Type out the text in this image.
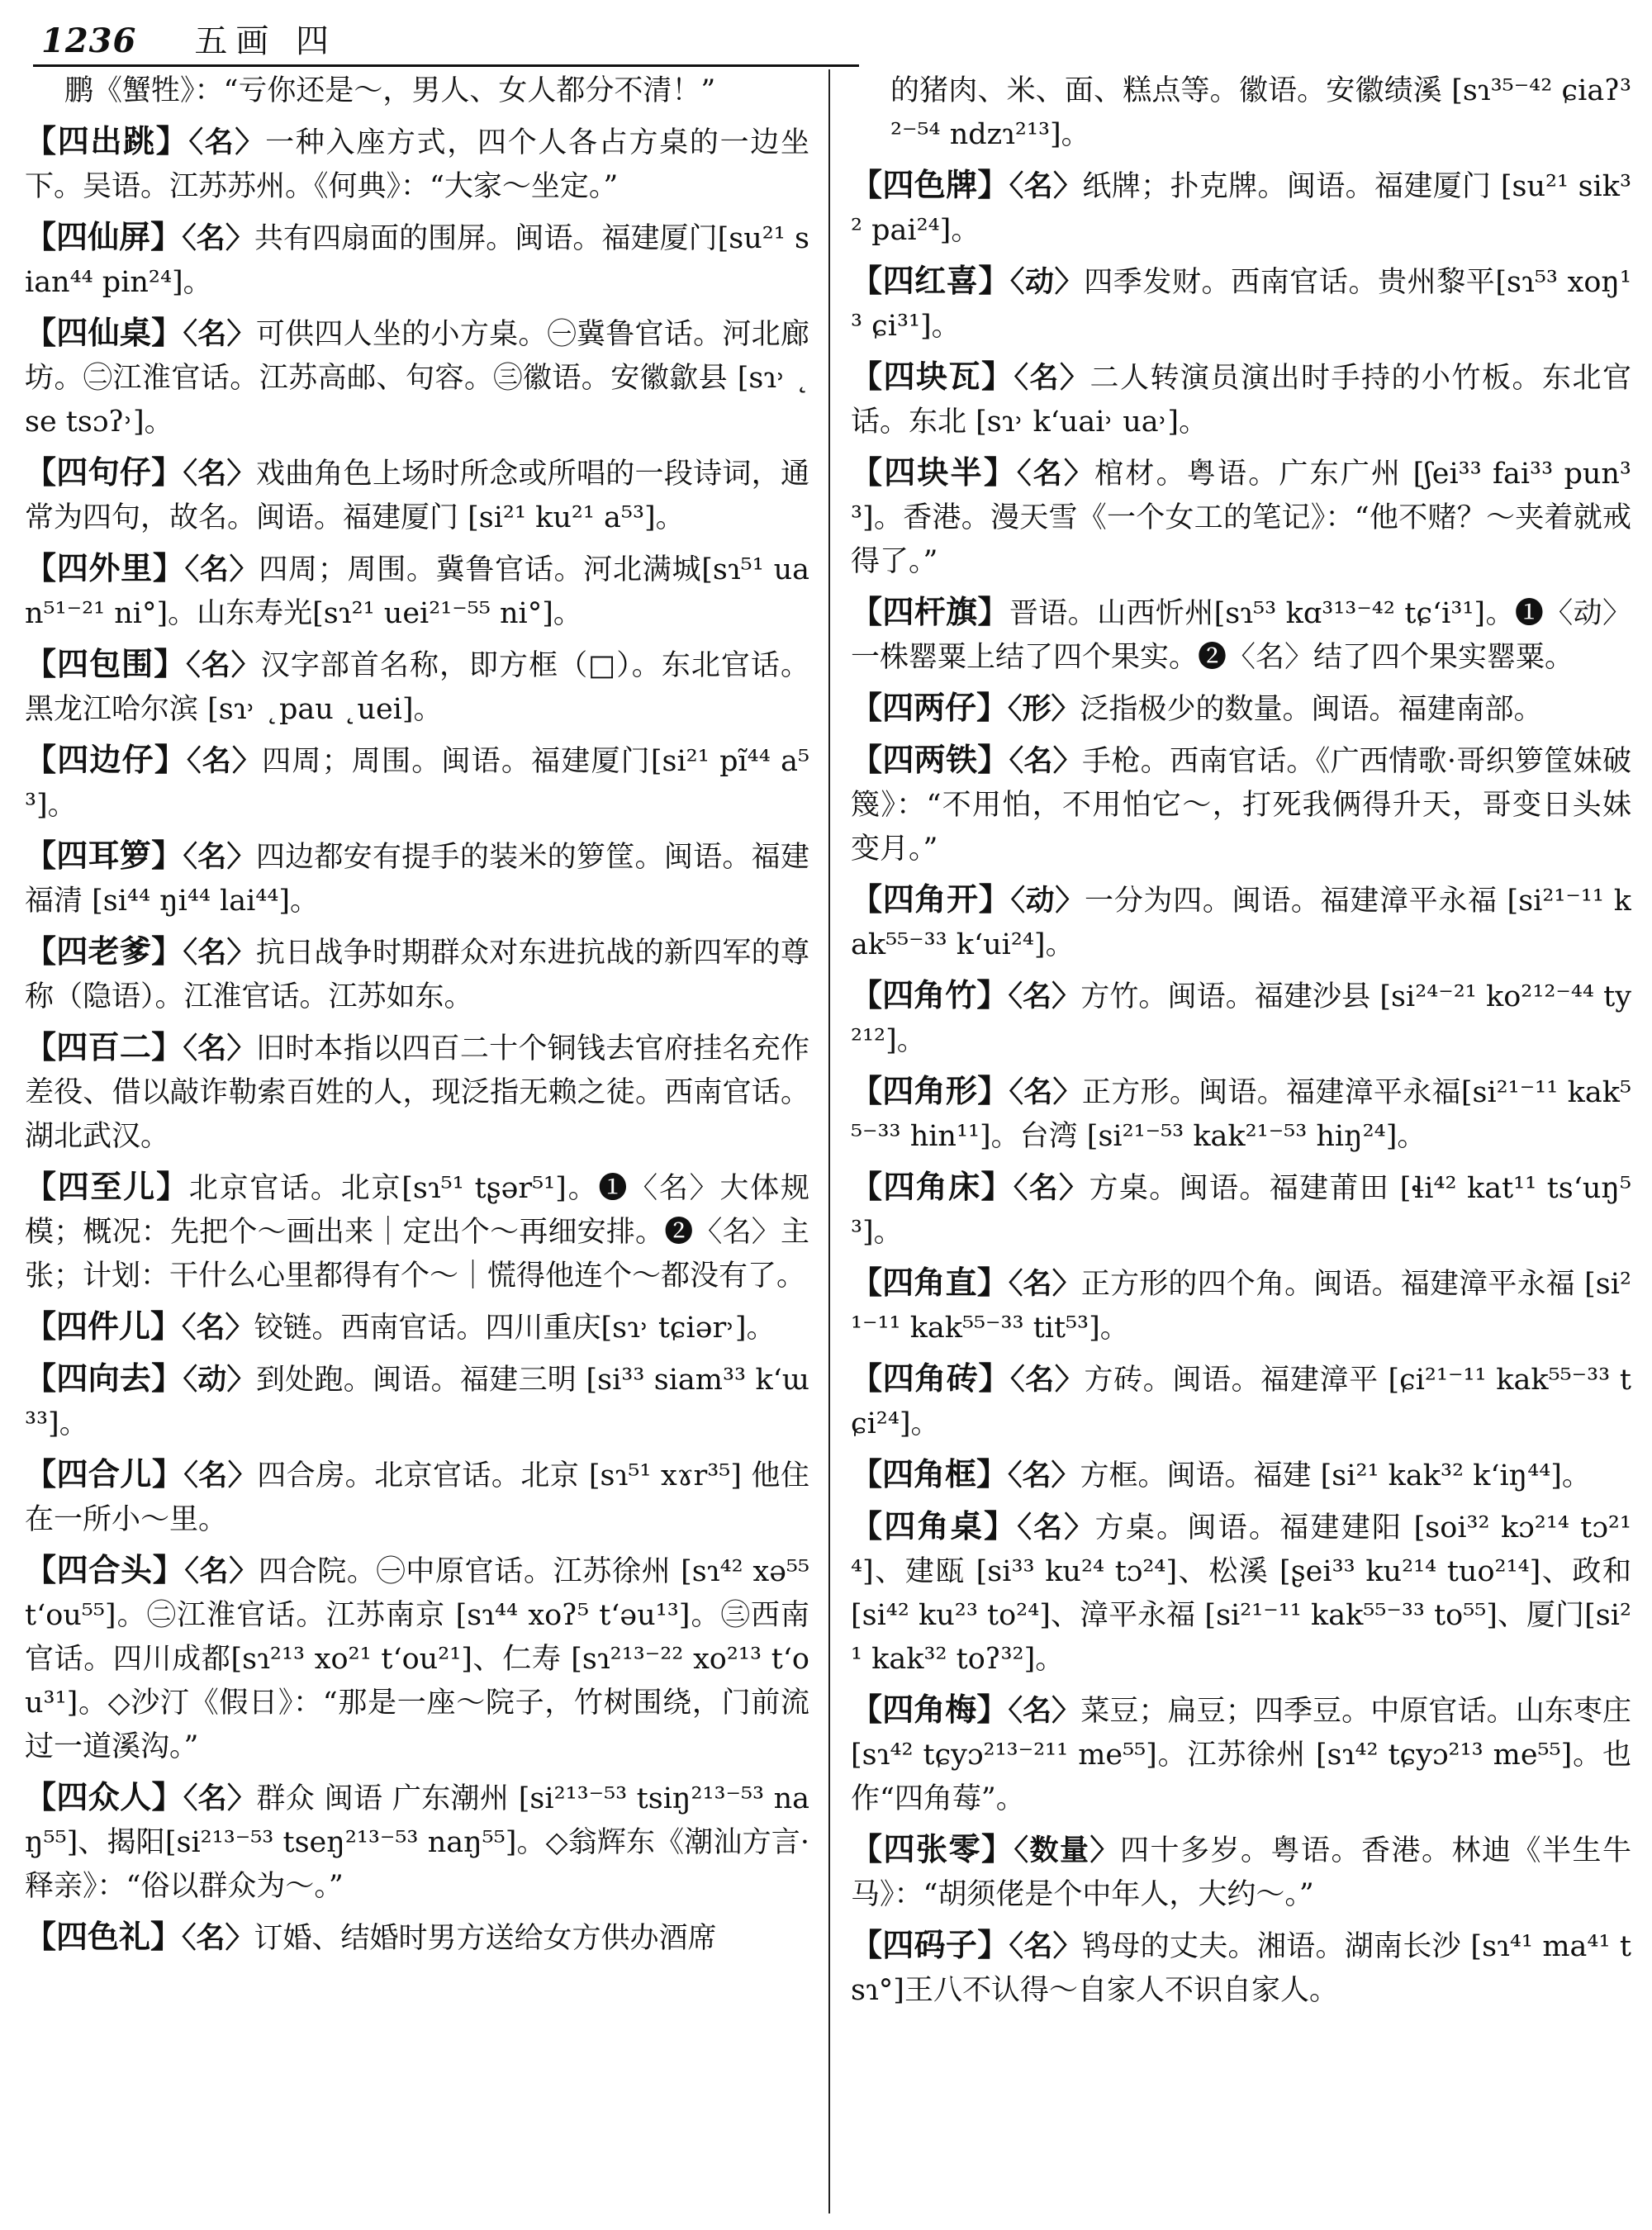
1236 五画 四

鹏《蟹牲》：“亏你还是～，男人、女人都分不清！”

【四出跳】〈名〉一种入座方式，四个人各占方桌的一边坐下。吴语。江苏苏州。《何典》：“大家～坐定。”

【四仙屏】〈名〉共有四扇面的围屏。闽语。福建厦门[su²¹ sian⁴⁴ pin²⁴]。

【四仙桌】〈名〉可供四人坐的小方桌。㊀冀鲁官话。河北廊坊。㊁江淮官话。江苏高邮、句容。㊂徽语。安徽歙县 [sɿ˒ ˛se tsɔʔ˒]。

【四句仔】〈名〉戏曲角色上场时所念或所唱的一段诗词，通常为四句，故名。闽语。福建厦门 [si²¹ ku²¹ a⁵³]。

【四外里】〈名〉四周；周围。冀鲁官话。河北满城[sɿ⁵¹ uan⁵¹⁻²¹ ni°]。山东寿光[sɿ²¹ uei²¹⁻⁵⁵ ni°]。

【四包围】〈名〉汉字部首名称，即方框（□）。东北官话。黑龙江哈尔滨 [sɿ˒ ˛pau ˛uei]。

【四边仔】〈名〉四周；周围。闽语。福建厦门[si²¹ pĩ⁴⁴ a⁵³]。

【四耳箩】〈名〉四边都安有提手的装米的箩筐。闽语。福建福清 [si⁴⁴ ŋi⁴⁴ lai⁴⁴]。

【四老爹】〈名〉抗日战争时期群众对东进抗战的新四军的尊称（隐语）。江淮官话。江苏如东。

【四百二】〈名〉旧时本指以四百二十个铜钱去官府挂名充作差役、借以敲诈勒索百姓的人，现泛指无赖之徒。西南官话。湖北武汉。

【四至儿】北京官话。北京[sɿ⁵¹ tʂər⁵¹]。❶〈名〉大体规模；概况：先把个～画出来｜定出个～再细安排。❷〈名〉主张；计划：干什么心里都得有个～｜慌得他连个～都没有了。

【四件儿】〈名〉铰链。西南官话。四川重庆[sɿ˒ tɕiər˒]。

【四向去】〈动〉到处跑。闽语。福建三明 [si³³ siam³³ kʻɯ³³]。

【四合儿】〈名〉四合房。北京官话。北京 [sɿ⁵¹ xɤr³⁵] 他住在一所小～里。

【四合头】〈名〉四合院。㊀中原官话。江苏徐州 [sɿ⁴² xə⁵⁵ tʻou⁵⁵]。㊁江淮官话。江苏南京 [sɿ⁴⁴ xoʔ⁵ tʻəu¹³]。㊂西南官话。四川成都[sɿ²¹³ xo²¹ tʻou²¹]、仁寿 [sɿ²¹³⁻²² xo²¹³ tʻou³¹]。◇沙汀《假日》：“那是一座～院子，竹树围绕，门前流过一道溪沟。”

【四众人】〈名〉群众 闽语 广东潮州 [si²¹³⁻⁵³ tsiŋ²¹³⁻⁵³ naŋ⁵⁵]、揭阳[si²¹³⁻⁵³ tseŋ²¹³⁻⁵³ naŋ⁵⁵]。◇翁辉东《潮汕方言·释亲》：“俗以群众为～。”

【四色礼】〈名〉订婚、结婚时男方送给女方供办酒席

的猪肉、米、面、糕点等。徽语。安徽绩溪 [sɿ³⁵⁻⁴² ɕiaʔ³²⁻⁵⁴ ndzɿ²¹³]。

【四色牌】〈名〉纸牌；扑克牌。闽语。福建厦门 [su²¹ sik³² pai²⁴]。

【四红喜】〈动〉四季发财。西南官话。贵州黎平[sɿ⁵³ xoŋ¹³ ɕi³¹]。

【四块瓦】〈名〉二人转演员演出时手持的小竹板。东北官话。东北 [sɿ˒ kʻuai˒ ua˒]。

【四块半】〈名〉棺材。粤语。广东广州 [ʃei³³ fai³³ pun³³]。香港。漫天雪《一个女工的笔记》：“他不赌？～夹着就戒得了。”

【四杆旗】晋语。山西忻州[sɿ⁵³ kɑ³¹³⁻⁴² tɕʻi³¹]。❶〈动〉一株罂粟上结了四个果实。❷〈名〉结了四个果实罂粟。

【四两仔】〈形〉泛指极少的数量。闽语。福建南部。

【四两铁】〈名〉手枪。西南官话。《广西情歌·哥织箩筐妹破篾》：“不用怕，不用怕它～，打死我俩得升天，哥变日头妹变月。”

【四角开】〈动〉一分为四。闽语。福建漳平永福 [si²¹⁻¹¹ kak⁵⁵⁻³³ kʻui²⁴]。

【四角竹】〈名〉方竹。闽语。福建沙县 [si²⁴⁻²¹ ko²¹²⁻⁴⁴ ty²¹²]。

【四角形】〈名〉正方形。闽语。福建漳平永福[si²¹⁻¹¹ kak⁵⁵⁻³³ hin¹¹]。台湾 [si²¹⁻⁵³ kak²¹⁻⁵³ hiŋ²⁴]。

【四角床】〈名〉方桌。闽语。福建莆田 [ɬi⁴² kat¹¹ tsʻuŋ⁵³]。

【四角直】〈名〉正方形的四个角。闽语。福建漳平永福 [si²¹⁻¹¹ kak⁵⁵⁻³³ tit⁵³]。

【四角砖】〈名〉方砖。闽语。福建漳平 [ɕi²¹⁻¹¹ kak⁵⁵⁻³³ tɕi²⁴]。

【四角框】〈名〉方框。闽语。福建 [si²¹ kak³² kʻiŋ⁴⁴]。

【四角桌】〈名〉方桌。闽语。福建建阳 [soi³² kɔ²¹⁴ tɔ²¹⁴]、建瓯 [si³³ ku²⁴ tɔ²⁴]、松溪 [ʂei³³ ku²¹⁴ tuo²¹⁴]、政和 [si⁴² ku²³ to²⁴]、漳平永福 [si²¹⁻¹¹ kak⁵⁵⁻³³ to⁵⁵]、厦门[si²¹ kak³² toʔ³²]。

【四角梅】〈名〉菜豆；扁豆；四季豆。中原官话。山东枣庄 [sɿ⁴² tɕyɔ²¹³⁻²¹¹ me⁵⁵]。江苏徐州 [sɿ⁴² tɕyɔ²¹³ me⁵⁵]。也作“四角莓”。

【四张零】〈数量〉四十多岁。粤语。香港。林迪《半生牛马》：“胡须佬是个中年人，大约～。”

【四码子】〈名〉鸨母的丈夫。湘语。湖南长沙 [sɿ⁴¹ ma⁴¹ tsɿ°]王八不认得～自家人不识自家人。
